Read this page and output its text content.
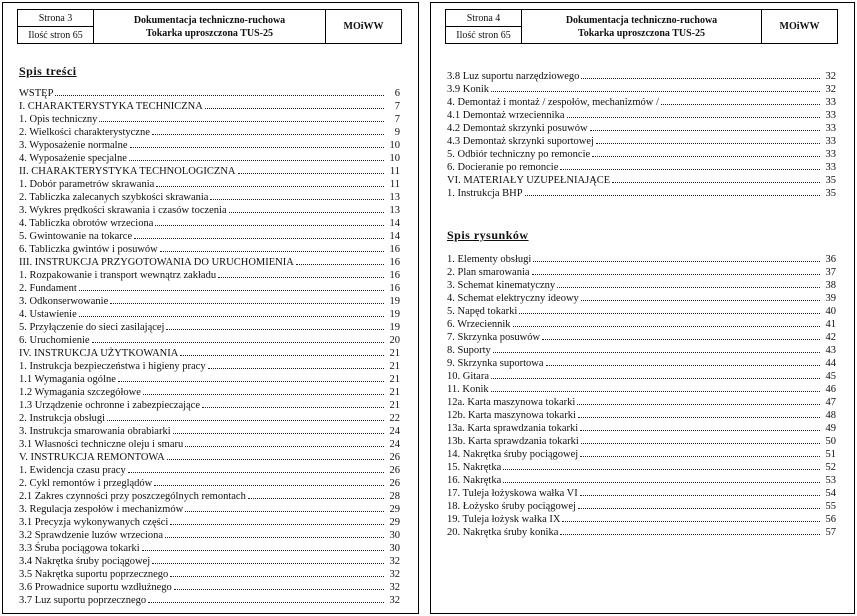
Strona 3	Dokumentacja techniczno-ruchowa
Tokarka uproszczona TUS-25
	MOiWW
Ilość stron 65
Spis treści
WSTĘP	6
I. CHARAKTERYSTYKA TECHNICZNA	7
1. Opis techniczny	7
2. Wielkości charakterystyczne	9
3. Wyposażenie normalne	10
4. Wyposażenie specjalne	10
II. CHARAKTERYSTYKA TECHNOLOGICZNA	11
1. Dobór parametrów skrawania	11
2. Tabliczka zalecanych szybkości skrawania	13
3. Wykres prędkości skrawania i czasów toczenia	13
4. Tabliczka obrotów wrzeciona	14
5. Gwintowanie na tokarce	14
6. Tabliczka gwintów i posuwów	16
III. INSTRUKCJA PRZYGOTOWANIA DO URUCHOMIENIA	16
1. Rozpakowanie i transport wewnątrz zakładu	16
2. Fundament	16
3. Odkonserwowanie	19
4. Ustawienie	19
5. Przyłączenie do sieci zasilającej	19
6. Uruchomienie	20
IV. INSTRUKCJA UŻYTKOWANIA	21
1. Instrukcja bezpieczeństwa i higieny pracy	21
1.1 Wymagania ogólne	21
1.2 Wymagania szczegółowe	21
1.3 Urządzenie ochronne i zabezpieczające	21
2. Instrukcja obsługi	22
3. Instrukcja smarowania obrabiarki	24
3.1 Własności techniczne oleju i smaru	24
V. INSTRUKCJA REMONTOWA	26
1. Ewidencja czasu pracy	26
2. Cykl remontów i przeglądów	26
2.1 Zakres czynności przy poszczególnych remontach	28
3. Regulacja zespołów i mechanizmów	29
3.1 Precyzja wykonywanych części	29
3.2 Sprawdzenie luzów wrzeciona	30
3.3 Śruba pociągowa tokarki	30
3.4 Nakrętka śruby pociągowej	32
3.5 Nakrętka suportu poprzecznego	32
3.6 Prowadnice suportu wzdłużnego	32
3.7 Luz suportu poprzecznego	32
Strona 4	Dokumentacja techniczno-ruchowa
Tokarka uproszczona TUS-25
	MOiWW
Ilość stron 65
3.8 Luz suportu narzędziowego	32
3.9 Konik	32
4. Demontaż i montaż / zespołów, mechanizmów /	33
4.1 Demontaż wrzeciennika	33
4.2 Demontaż skrzynki posuwów	33
4.3 Demontaż skrzynki suportowej	33
5. Odbiór techniczny po remoncie	33
6. Docieranie po remoncie	33
VI. MATERIAŁY UZUPEŁNIAJĄCE	35
1. Instrukcja BHP	35
Spis rysunków
1. Elementy obsługi	36
2. Plan smarowania	37
3. Schemat kinematyczny	38
4. Schemat elektryczny ideowy	39
5. Napęd tokarki	40
6. Wrzeciennik	41
7. Skrzynka posuwów	42
8. Suporty	43
9. Skrzynka suportowa	44
10. Gitara	45
11. Konik	46
12a. Karta maszynowa tokarki	47
12b. Karta maszynowa tokarki	48
13a. Karta sprawdzania tokarki	49
13b. Karta sprawdzania tokarki	50
14. Nakrętka śruby pociągowej	51
15. Nakrętka	52
16. Nakrętka	53
17. Tuleja łożyskowa wałka VI	54
18. Łożysko śruby pociągowej	55
19. Tuleja łożysk wałka IX	56
20. Nakrętka śruby konika	57
